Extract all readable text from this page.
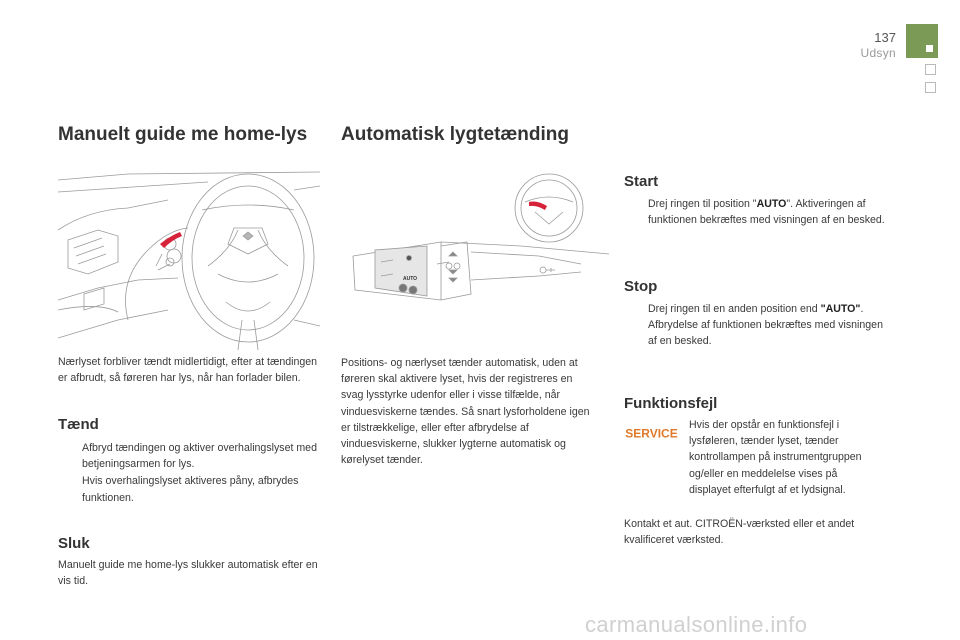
137
Udsyn
Manuelt guide me home-lys
Nærlyset forbliver tændt midlertidigt, efter at tændingen er afbrudt, så føreren har lys, når han forlader bilen.
Tænd
Afbryd tændingen og aktiver overhalingslyset med betjeningsarmen for lys.
Hvis overhalingslyset aktiveres påny, afbrydes funktionen.
Sluk
Manuelt guide me home-lys slukker automatisk efter en vis tid.
Automatisk lygtetænding
AUTO
Positions- og nærlyset tænder automatisk, uden at føreren skal aktivere lyset, hvis der registreres en svag lysstyrke udenfor eller i visse tilfælde, når vinduesviskerne tændes. Så snart lysforholdene igen er tilstrækkelige, eller efter afbrydelse af vinduesviskerne, slukker lygterne automatisk og kørelyset tænder.
Start
Drej ringen til position "AUTO". Aktiveringen af funktionen bekræftes med visningen af en besked.
Stop
Drej ringen til en anden position end "AUTO". Afbrydelse af funktionen bekræftes med visningen af en besked.
Funktionsfejl
SERVICE
Hvis der opstår en funktionsfejl i lysføleren, tænder lyset, tænder kontrollampen på instrumentgruppen og/eller en meddelelse vises på displayet efterfulgt af et lydsignal.
Kontakt et aut. CITROËN-værksted eller et andet kvalificeret værksted.
carmanualsonline.info
